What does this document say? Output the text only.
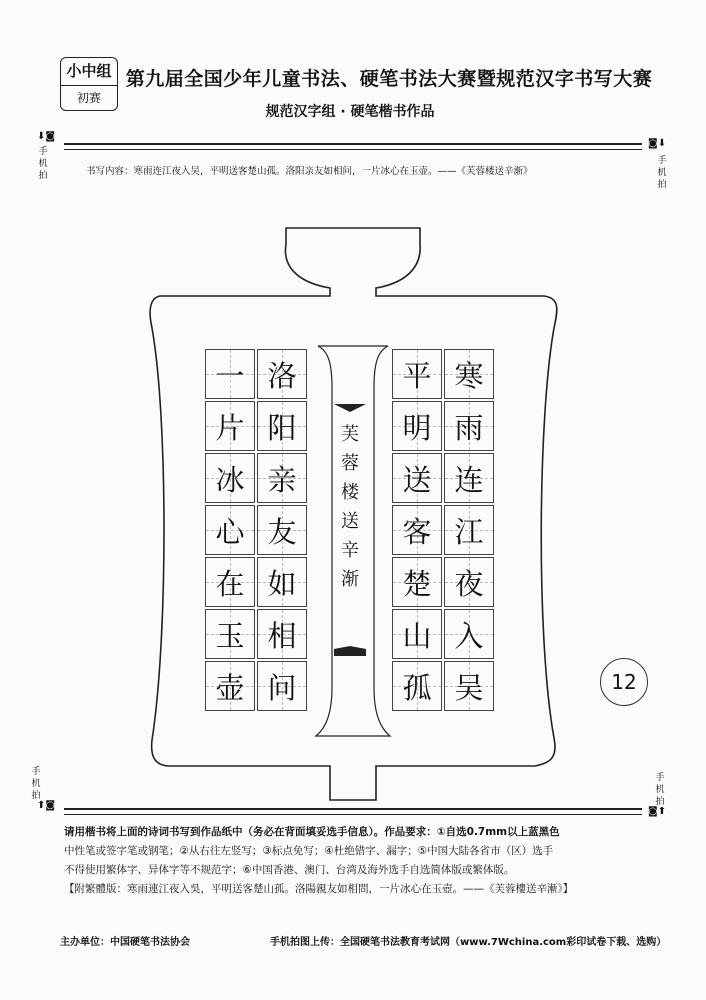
小中组
初赛
第九届全国少年儿童书法、硬笔书法大赛暨规范汉字书写大赛
规范汉字组 · 硬笔楷书作品
⬇◙
◙⬇
⬆◙
◙⬆
手机拍
手机拍
手机拍
手机拍
书写内容：寒雨连江夜入吴，平明送客楚山孤。洛阳亲友如相问，一片冰心在玉壶。——《芙蓉楼送辛渐》
平 寒
明 雨
送 连
客 江
楚 夜
山 入
孤 吴
一 洛
片 阳
冰 亲
心 友
在 如
玉 相
壶 问
芙
蓉
楼
送
辛
渐
12
请用楷书将上面的诗词书写到作品纸中（务必在背面填妥选手信息）。作品要求：①自选0.7mm以上蓝黑色
中性笔或签字笔或钢笔；②从右往左竖写；③标点免写；④杜绝错字、漏字；⑤中国大陆各省市（区）选手
不得使用繁体字、异体字等不规范字；⑥中国香港、澳门、台湾及海外选手自选简体版或繁体版。
【附繁體版：寒雨連江夜入吳，平明送客楚山孤。洛陽親友如相問，一片冰心在玉壺。——《芙蓉樓送辛漸》】
主办单位：中国硬笔书法协会	手机拍图上传：全国硬笔书法教育考试网（www.7Wchina.com彩印试卷下载、选购）
